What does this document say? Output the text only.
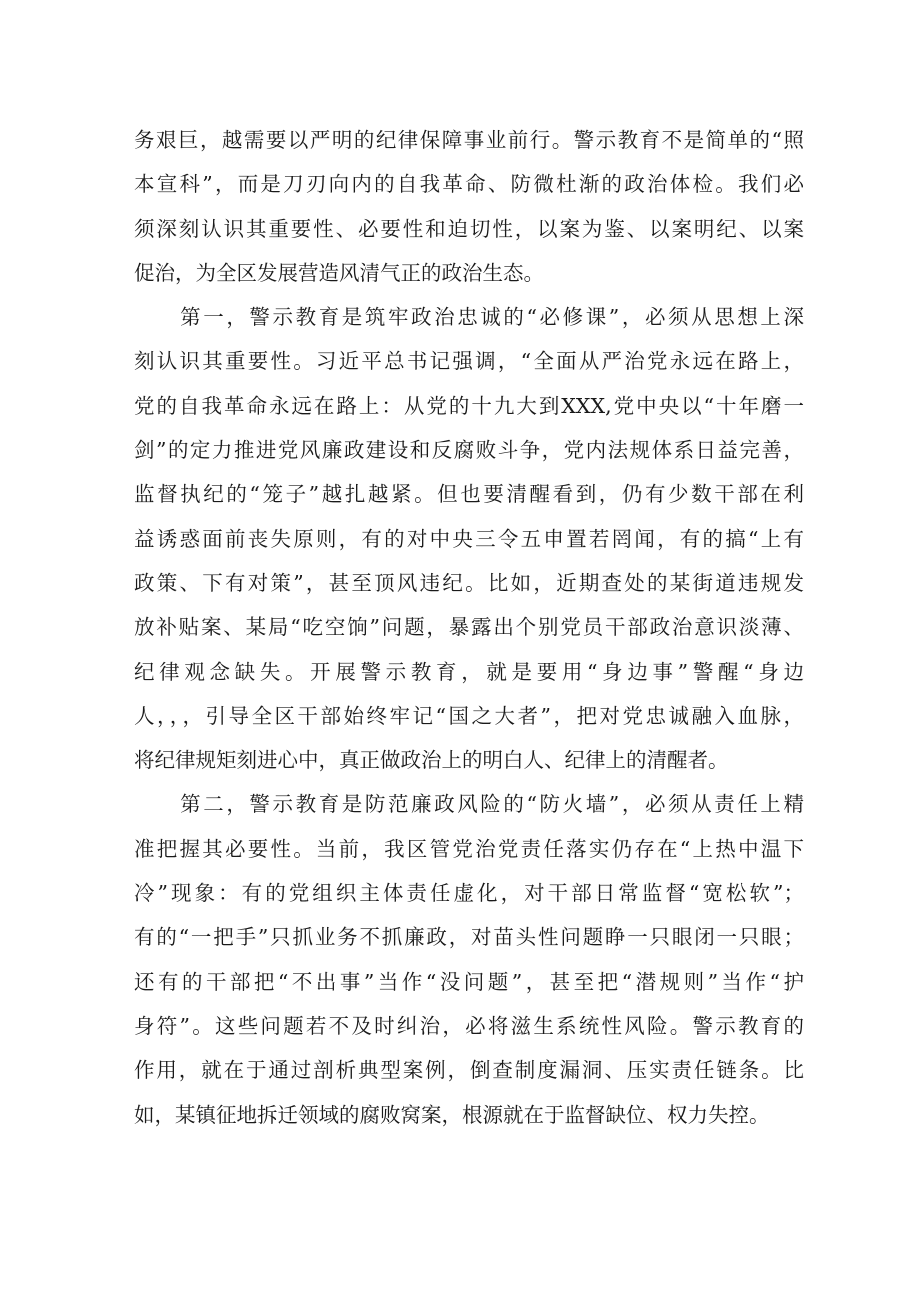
务艰巨，越需要以严明的纪律保障事业前行。警示教育不是简单的“照
本宣科”，而是刀刃向内的自我革命、防微杜渐的政治体检。我们必
须深刻认识其重要性、必要性和迫切性，以案为鉴、以案明纪、以案
促治，为全区发展营造风清气正的政治生态。
　　第一，警示教育是筑牢政治忠诚的“必修课”，必须从思想上深
刻认识其重要性。习近平总书记强调，“全面从严治党永远在路上，
党的自我革命永远在路上：从党的十九大到XXX,党中央以“十年磨一
剑”的定力推进党风廉政建设和反腐败斗争，党内法规体系日益完善，
监督执纪的“笼子”越扎越紧。但也要清醒看到，仍有少数干部在利
益诱惑面前丧失原则，有的对中央三令五申置若罔闻，有的搞“上有
政策、下有对策”，甚至顶风违纪。比如，近期查处的某街道违规发
放补贴案、某局“吃空饷”问题，暴露出个别党员干部政治意识淡薄、
纪律观念缺失。开展警示教育，就是要用“身边事”警醒“身边
人，，，引导全区干部始终牢记“国之大者”，把对党忠诚融入血脉，
将纪律规矩刻进心中，真正做政治上的明白人、纪律上的清醒者。
　　第二，警示教育是防范廉政风险的“防火墙”，必须从责任上精
准把握其必要性。当前，我区管党治党责任落实仍存在“上热中温下
冷”现象：有的党组织主体责任虚化，对干部日常监督“宽松软”；
有的“一把手”只抓业务不抓廉政，对苗头性问题睁一只眼闭一只眼；
还有的干部把“不出事”当作“没问题”，甚至把“潜规则”当作“护
身符”。这些问题若不及时纠治，必将滋生系统性风险。警示教育的
作用，就在于通过剖析典型案例，倒查制度漏洞、压实责任链条。比
如，某镇征地拆迁领域的腐败窝案，根源就在于监督缺位、权力失控。
